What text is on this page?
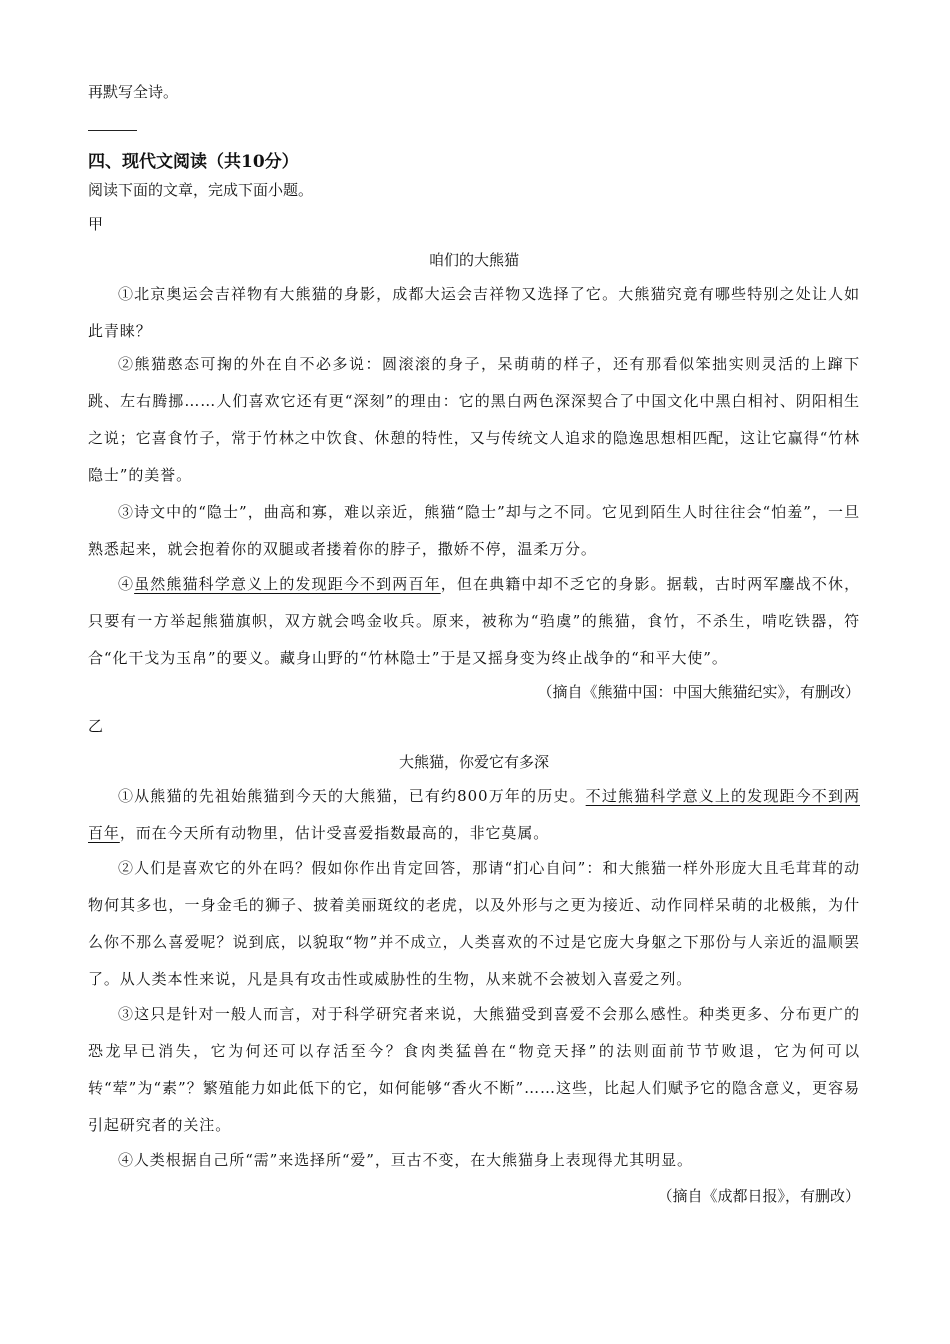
再默写全诗。
四、现代文阅读（共10分）
阅读下面的文章，完成下面小题。
甲
咱们的大熊猫
①北京奥运会吉祥物有大熊猫的身影，成都大运会吉祥物又选择了它。大熊猫究竟有哪些特别之处让人如此青睐？
②熊猫憨态可掬的外在自不必多说：圆滚滚的身子，呆萌萌的样子，还有那看似笨拙实则灵活的上蹿下跳、左右腾挪……人们喜欢它还有更“深刻”的理由：它的黑白两色深深契合了中国文化中黑白相衬、阴阳相生之说；它喜食竹子，常于竹林之中饮食、休憩的特性，又与传统文人追求的隐逸思想相匹配，这让它赢得“竹林隐士”的美誉。
③诗文中的“隐士”，曲高和寡，难以亲近，熊猫“隐士”却与之不同。它见到陌生人时往往会“怕羞”，一旦熟悉起来，就会抱着你的双腿或者搂着你的脖子，撒娇不停，温柔万分。
④虽然熊猫科学意义上的发现距今不到两百年，但在典籍中却不乏它的身影。据载，古时两军鏖战不休，只要有一方举起熊猫旗帜，双方就会鸣金收兵。原来，被称为“驺虞”的熊猫，食竹，不杀生，啃吃铁器，符合“化干戈为玉帛”的要义。藏身山野的“竹林隐士”于是又摇身变为终止战争的“和平大使”。
（摘自《熊猫中国：中国大熊猫纪实》，有删改）
乙
大熊猫，你爱它有多深
①从熊猫的先祖始熊猫到今天的大熊猫，已有约800万年的历史。不过熊猫科学意义上的发现距今不到两百年，而在今天所有动物里，估计受喜爱指数最高的，非它莫属。
②人们是喜欢它的外在吗？假如你作出肯定回答，那请“扪心自问”：和大熊猫一样外形庞大且毛茸茸的动物何其多也，一身金毛的狮子、披着美丽斑纹的老虎，以及外形与之更为接近、动作同样呆萌的北极熊，为什么你不那么喜爱呢？说到底，以貌取“物”并不成立，人类喜欢的不过是它庞大身躯之下那份与人亲近的温顺罢了。从人类本性来说，凡是具有攻击性或威胁性的生物，从来就不会被划入喜爱之列。
③这只是针对一般人而言，对于科学研究者来说，大熊猫受到喜爱不会那么感性。种类更多、分布更广的恐龙早已消失，它为何还可以存活至今？食肉类猛兽在“物竞天择”的法则面前节节败退，它为何可以转“荤”为“素”？繁殖能力如此低下的它，如何能够“香火不断”……这些，比起人们赋予它的隐含意义，更容易引起研究者的关注。
④人类根据自己所“需”来选择所“爱”，亘古不变，在大熊猫身上表现得尤其明显。
（摘自《成都日报》，有删改）
